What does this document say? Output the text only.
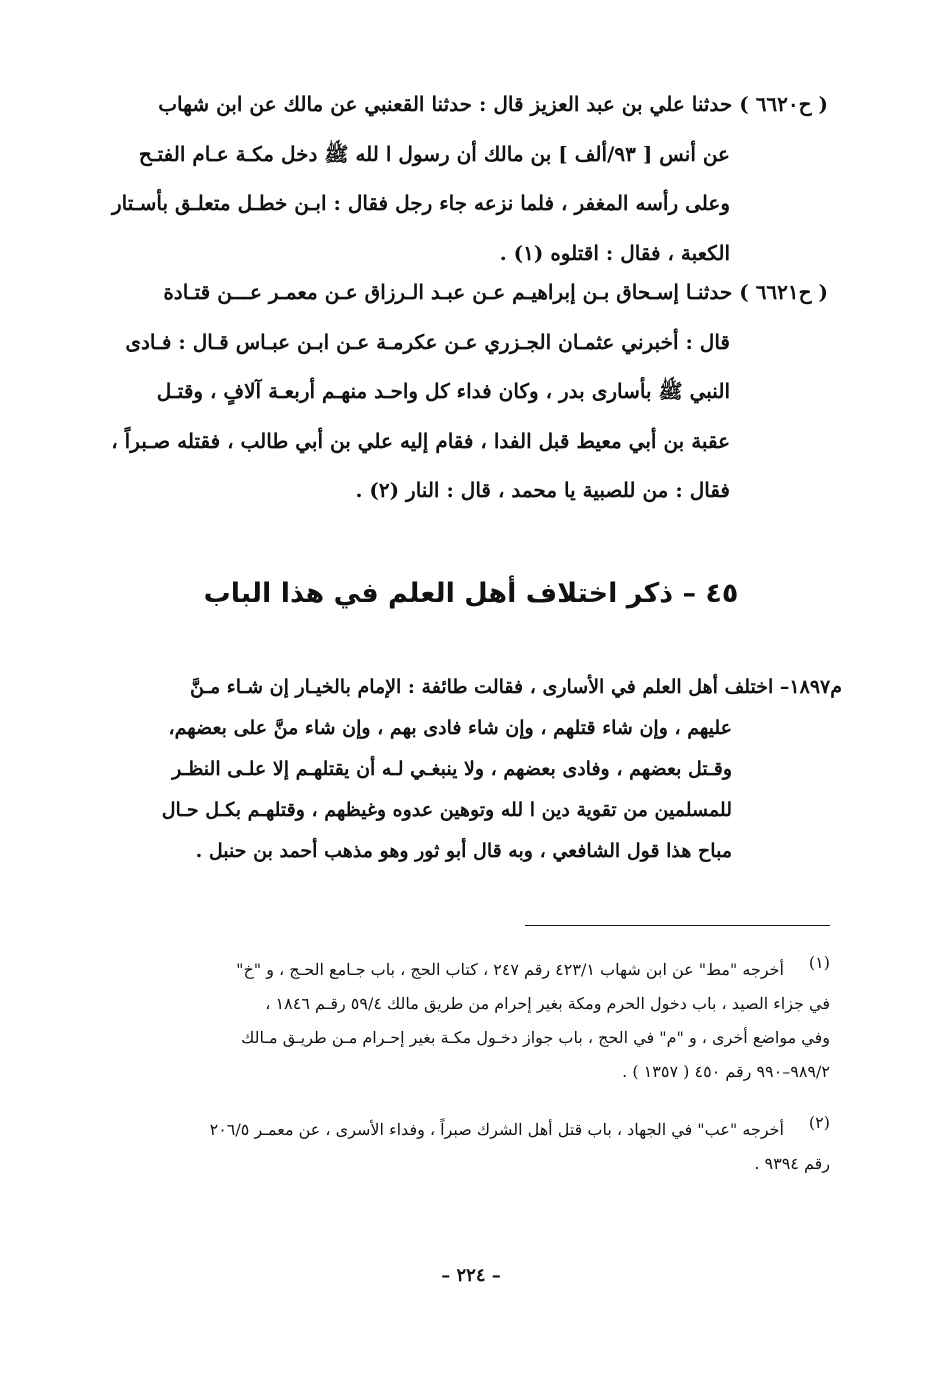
( ح٦٦٢٠ ) حدثنا علي بن عبد العزيز قال : حدثنا القعنبي عن مالك عن ابن شهاب
عن أنس [ ٩٣/ألف ] بن مالك أن رسول ا لله ﷺ دخل مكـة عـام الفتـح
وعلى رأسه المغفر ، فلما نزعه جاء رجل فقال : ابـن خطـل متعلـق بأسـتار
الكعبة ، فقال : اقتلوه (١) .
( ح٦٦٢١ ) حدثنـا إسـحاق بـن إبراهيـم عـن عبـد الـرزاق عـن معمـر عـــن قتـادة
قال : أخبرني عثمـان الجـزري عـن عكرمـة عـن ابـن عبـاس قـال : فـادى
النبي ﷺ بأسارى بدر ، وكان فداء كل واحـد منهـم أربعـة آلافٍ ، وقتـل
عقبة بن أبي معيط قبل الفدا ، فقام إليه علي بن أبي طالب ، فقتله صـبراً ،
فقال : من للصبية يا محمد ، قال : النار (٢) .
٤٥ – ذكر اختلاف أهل العلم في هذا الباب
م١٨٩٧– اختلف أهل العلم في الأسارى ، فقالت طائفة : الإمام بالخيـار إن شـاء مـنَّ
عليهم ، وإن شاء قتلهم ، وإن شاء فادى بهم ، وإن شاء منَّ على بعضهم،
وقـتل بعضهم ، وفادى بعضهم ، ولا ينبغـي لـه أن يقتلهـم إلا علـى النظـر
للمسلمين من تقوية دين ا لله وتوهين عدوه وغيظهم ، وقتلهـم بكـل حـال
مباح هذا قول الشافعي ، وبه قال أبو ثور وهو مذهب أحمد بن حنبل .
(١)
أخرجه "مط" عن ابن شهاب ٤٢٣/١ رقم ٢٤٧ ، كتاب الحج ، باب جـامع الحـج ، و "خ"
في جزاء الصيد ، باب دخول الحرم ومكة بغير إحرام من طريق مالك ٥٩/٤ رقـم ١٨٤٦ ،
وفي مواضع أخرى ، و "م" في الحج ، باب جواز دخـول مكـة بغير إحـرام مـن طريـق مـالك
٩٨٩/٢–٩٩٠ رقم ٤٥٠ ( ١٣٥٧ ) .
(٢)
أخرجه "عب" في الجهاد ، باب قتل أهل الشرك صبراً ، وفداء الأسرى ، عن معمـر ٢٠٦/٥
رقم ٩٣٩٤ .
– ٢٢٤ –
